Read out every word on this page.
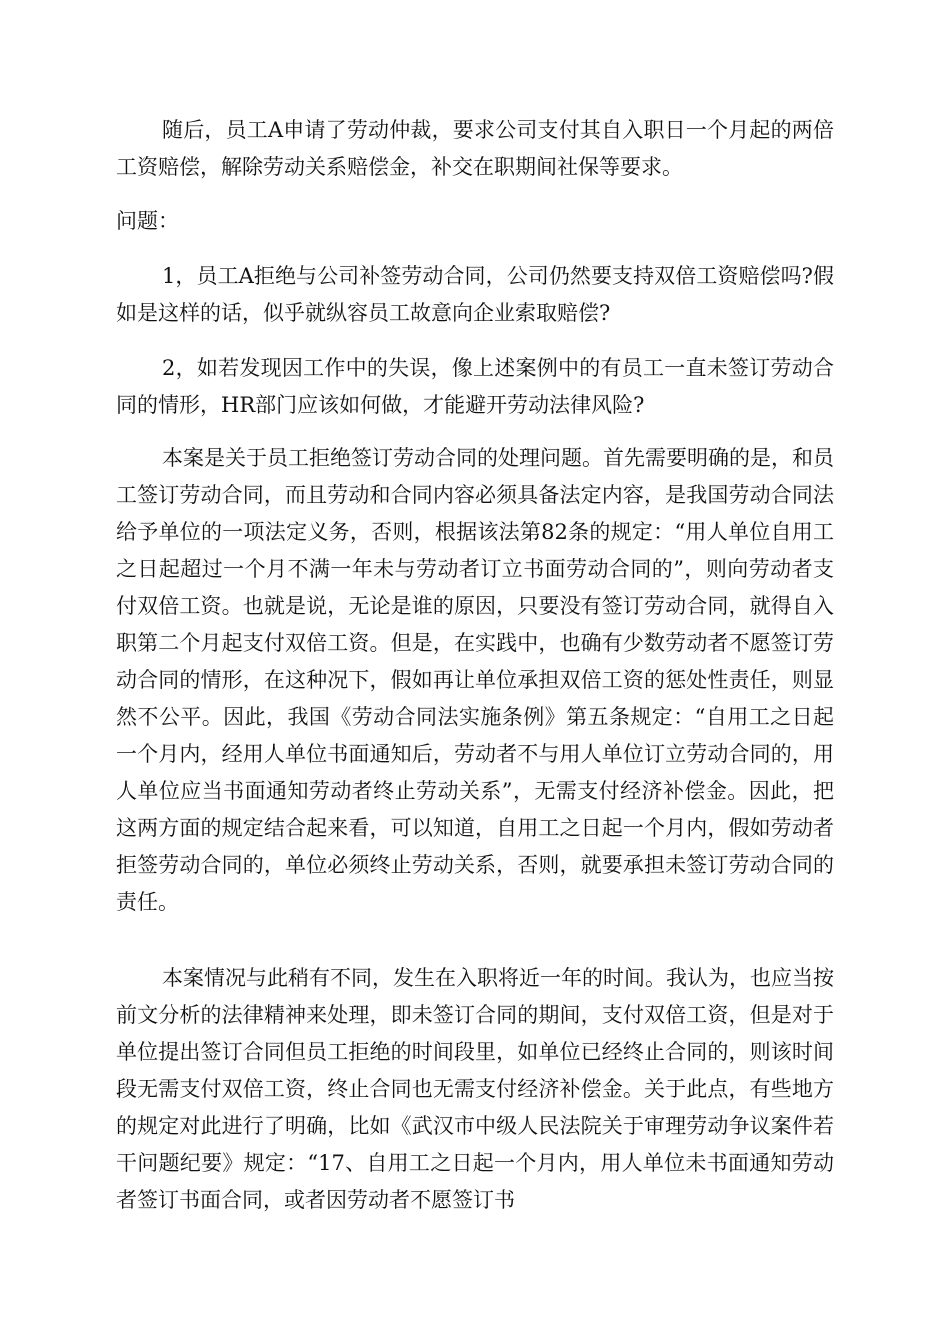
随后，员工A申请了劳动仲裁，要求公司支付其自入职日一个月起的两倍工资赔偿，解除劳动关系赔偿金，补交在职期间社保等要求。

问题：

1，员工A拒绝与公司补签劳动合同，公司仍然要支持双倍工资赔偿吗?假如是这样的话，似乎就纵容员工故意向企业索取赔偿?

2，如若发现因工作中的失误，像上述案例中的有员工一直未签订劳动合同的情形，HR部门应该如何做，才能避开劳动法律风险?

本案是关于员工拒绝签订劳动合同的处理问题。首先需要明确的是，和员工签订劳动合同，而且劳动和合同内容必须具备法定内容，是我国劳动合同法给予单位的一项法定义务，否则，根据该法第82条的规定：“用人单位自用工之日起超过一个月不满一年未与劳动者订立书面劳动合同的”，则向劳动者支付双倍工资。也就是说，无论是谁的原因，只要没有签订劳动合同，就得自入职第二个月起支付双倍工资。但是，在实践中，也确有少数劳动者不愿签订劳动合同的情形，在这种况下，假如再让单位承担双倍工资的惩处性责任，则显然不公平。因此，我国《劳动合同法实施条例》第五条规定：“自用工之日起一个月内，经用人单位书面通知后，劳动者不与用人单位订立劳动合同的，用人单位应当书面通知劳动者终止劳动关系”，无需支付经济补偿金。因此，把这两方面的规定结合起来看，可以知道，自用工之日起一个月内，假如劳动者拒签劳动合同的，单位必须终止劳动关系，否则，就要承担未签订劳动合同的责任。

本案情况与此稍有不同，发生在入职将近一年的时间。我认为，也应当按前文分析的法律精神来处理，即未签订合同的期间，支付双倍工资，但是对于单位提出签订合同但员工拒绝的时间段里，如单位已经终止合同的，则该时间段无需支付双倍工资，终止合同也无需支付经济补偿金。关于此点，有些地方的规定对此进行了明确，比如《武汉市中级人民法院关于审理劳动争议案件若干问题纪要》规定：“17、自用工之日起一个月内，用人单位未书面通知劳动者签订书面合同，或者因劳动者不愿签订书
